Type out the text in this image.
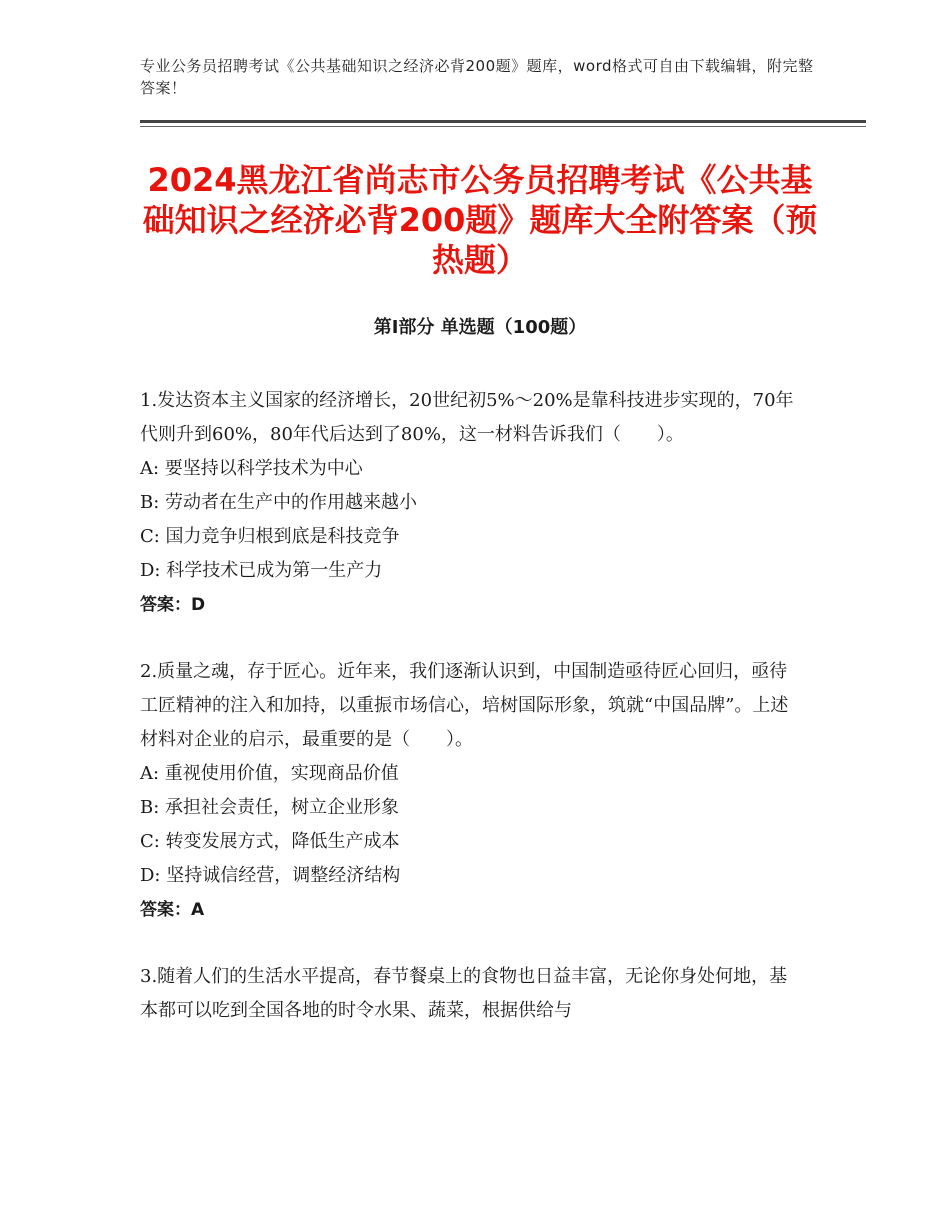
专业公务员招聘考试《公共基础知识之经济必背200题》题库，word格式可自由下载编辑，附完整答案！
2024黑龙江省尚志市公务员招聘考试《公共基础知识之经济必背200题》题库大全附答案（预热题）
第Ⅰ部分 单选题（100题）

1.发达资本主义国家的经济增长，20世纪初5%～20%是靠科技进步实现的，70年代则升到60%，80年代后达到了80%，这一材料告诉我们（　　）。

A: 要坚持以科学技术为中心

B: 劳动者在生产中的作用越来越小

C: 国力竞争归根到底是科技竞争

D: 科学技术已成为第一生产力

答案：D

2.质量之魂，存于匠心。近年来，我们逐渐认识到，中国制造亟待匠心回归，亟待工匠精神的注入和加持，以重振市场信心，培树国际形象，筑就“中国品牌”。上述材料对企业的启示，最重要的是（　　）。

A: 重视使用价值，实现商品价值

B: 承担社会责任，树立企业形象

C: 转变发展方式，降低生产成本

D: 坚持诚信经营，调整经济结构

答案：A

3.随着人们的生活水平提高，春节餐桌上的食物也日益丰富，无论你身处何地，基本都可以吃到全国各地的时令水果、蔬菜，根据供给与
